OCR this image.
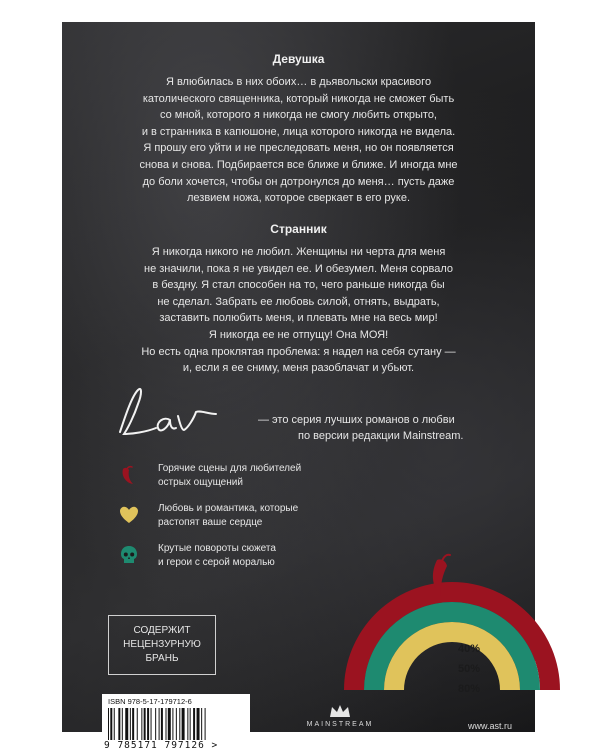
Девушка
Я влюбилась в них обоих… в дьявольски красивого
католического священника, который никогда не сможет быть
со мной, которого я никогда не смогу любить открыто,
и в странника в капюшоне, лица которого никогда не видела.
Я прошу его уйти и не преследовать меня, но он появляется
снова и снова. Подбирается все ближе и ближе. И иногда мне
до боли хочется, чтобы он дотронулся до меня… пусть даже
лезвием ножа, которое сверкает в его руке.
Странник
Я никогда никого не любил. Женщины ни черта для меня
не значили, пока я не увидел ее. И обезумел. Меня сорвало
в бездну. Я стал способен на то, чего раньше никогда бы
не сделал. Забрать ее любовь силой, отнять, выдрать,
заставить полюбить меня, и плевать мне на весь мир!
Я никогда ее не отпущу! Она МОЯ!
Но есть одна проклятая проблема: я надел на себя сутану —
и, если я ее сниму, меня разоблачат и убьют.
— это серия лучших романов о любви
по версии редакции Mainstream.
Горячие сцены для любителей
острых ощущений
Любовь и романтика, которые
растопят ваше сердце
Крутые повороты сюжета
и герои с серой моралью
40%
50%
80%
СОДЕРЖИТ
НЕЦЕНЗУРНУЮ
БРАНЬ
ISBN 978-5-17-179712-6
9 785171 797126 >
MAINSTREAM	www.ast.ru
